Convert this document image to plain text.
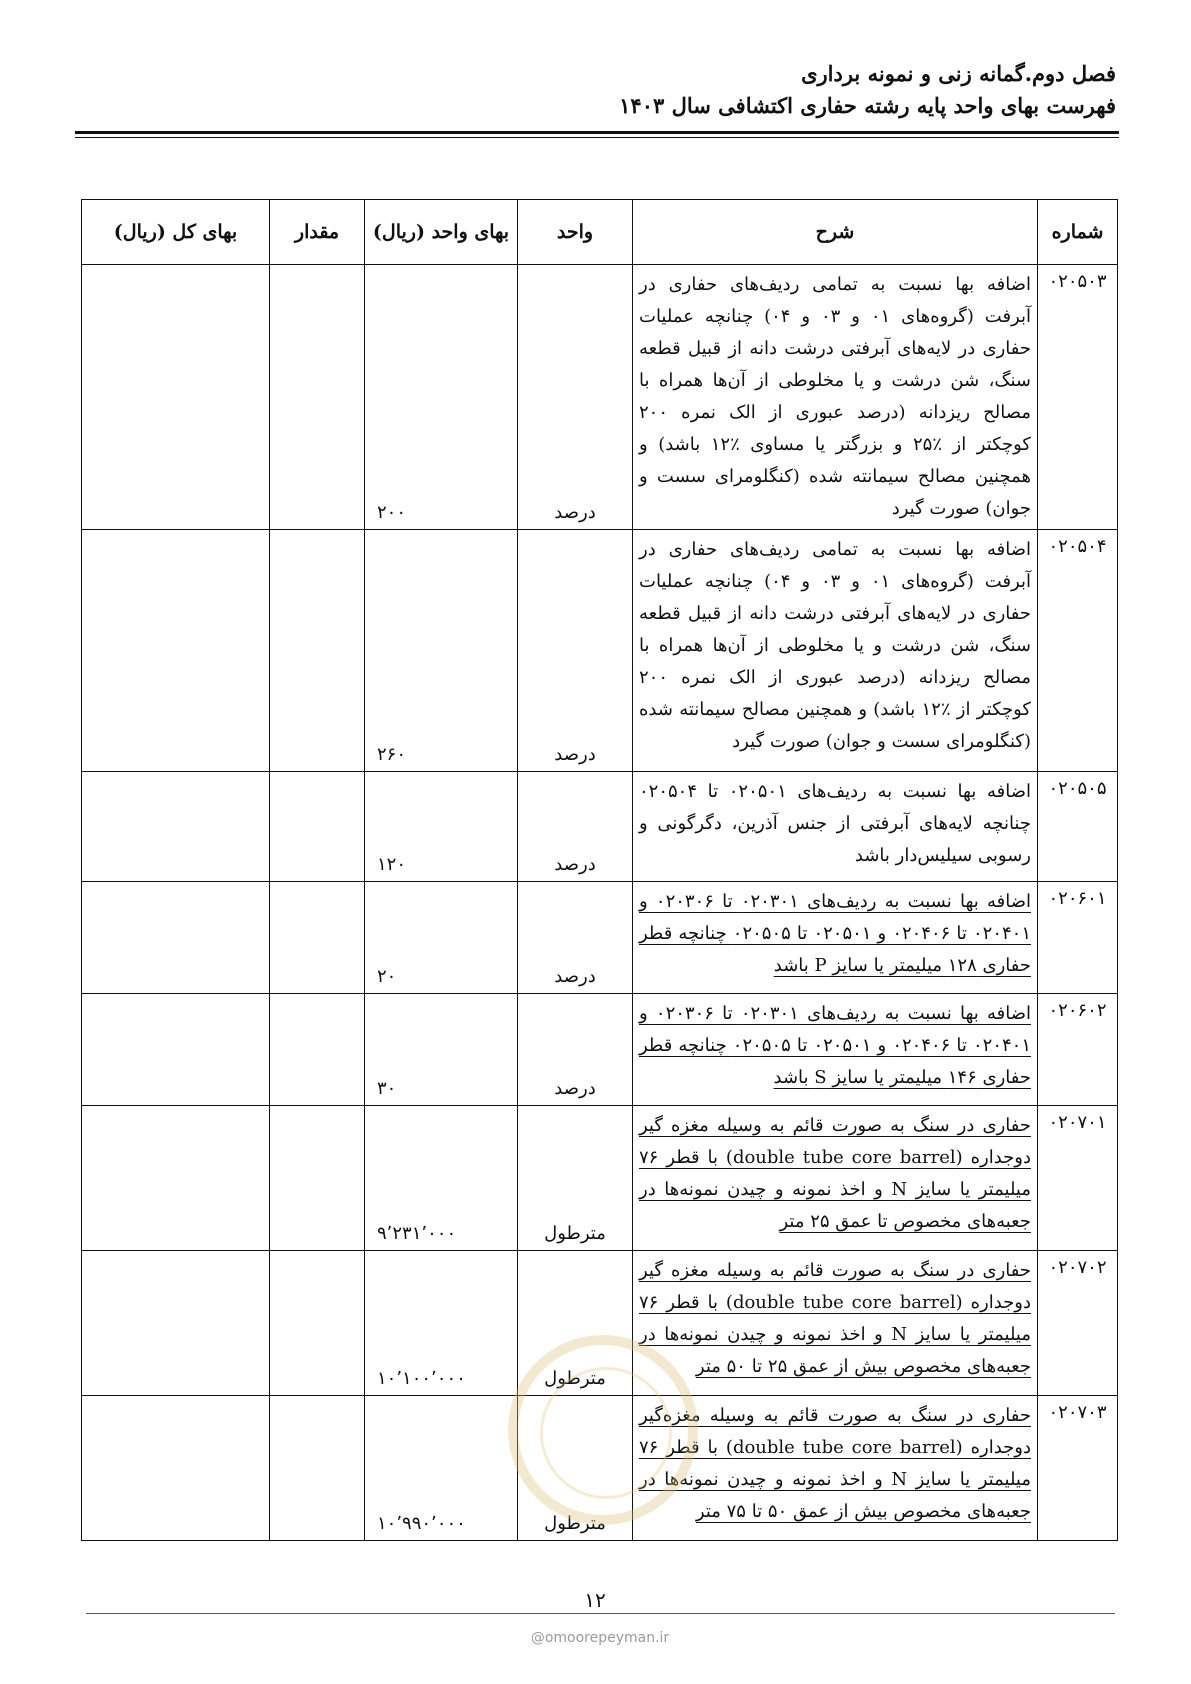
فصل دوم.گمانه زنی و نمونه برداری
فهرست بهای واحد پایه رشته حفاری اکتشافی سال ۱۴۰۳
شماره	شرح	واحد	بهای واحد (ریال)	مقدار	بهای کل (ریال)
۰۲۰۵۰۳	اضافه بها نسبت به تمامی ردیف‌های حفاری در آبرفت (گروه‌های ۰۱ و ۰۳ و ۰۴) چنانچه عملیات حفاری در لایه‌های آبرفتی درشت دانه از قبیل قطعه سنگ، شن درشت و یا مخلوطی از آن‌ها همراه با مصالح ریزدانه (درصد عبوری از الک نمره ۲۰۰ کوچکتر از ٪۲۵ و بزرگتر یا مساوی ٪۱۲ باشد) و همچنین مصالح سیمانته شده (کنگلومرای سست و جوان) صورت گیرد	درصد	۲۰۰		
۰۲۰۵۰۴	اضافه بها نسبت به تمامی ردیف‌های حفاری در آبرفت (گروه‌های ۰۱ و ۰۳ و ۰۴) چنانچه عملیات حفاری در لایه‌های آبرفتی درشت دانه از قبیل قطعه سنگ، شن درشت و یا مخلوطی از آن‌ها همراه با مصالح ریزدانه (درصد عبوری از الک نمره ۲۰۰ کوچکتر از ٪۱۲ باشد) و همچنین مصالح سیمانته شده (کنگلومرای سست و جوان) صورت گیرد	درصد	۲۶۰		
۰۲۰۵۰۵	اضافه بها نسبت به ردیف‌های ۰۲۰۵۰۱ تا ۰۲۰۵۰۴ چنانچه لایه‌های آبرفتی از جنس آذرین، دگرگونی و رسوبی سیلیس‌دار باشد	درصد	۱۲۰		
۰۲۰۶۰۱	اضافه بها نسبت به ردیف‌های ۰۲۰۳۰۱ تا ۰۲۰۳۰۶ و ۰۲۰۴۰۱ تا ۰۲۰۴۰۶ و ۰۲۰۵۰۱ تا ۰۲۰۵۰۵ چنانچه قطر حفاری ۱۲۸ میلیمتر یا سایز P باشد	درصد	۲۰		
۰۲۰۶۰۲	اضافه بها نسبت به ردیف‌های ۰۲۰۳۰۱ تا ۰۲۰۳۰۶ و ۰۲۰۴۰۱ تا ۰۲۰۴۰۶ و ۰۲۰۵۰۱ تا ۰۲۰۵۰۵ چنانچه قطر حفاری ۱۴۶ میلیمتر یا سایز S باشد	درصد	۳۰		
۰۲۰۷۰۱	حفاری در سنگ به صورت قائم به وسیله مغزه گیر دوجداره (double tube core barrel) با قطر ۷۶ میلیمتر یا سایز N و اخذ نمونه و چیدن نمونه‌ها در جعبه‌های مخصوص تا عمق ۲۵ متر	مترطول	۹٬۲۳۱٬۰۰۰		
۰۲۰۷۰۲	حفاری در سنگ به صورت قائم به وسیله مغزه گیر دوجداره (double tube core barrel) با قطر ۷۶ میلیمتر یا سایز N و اخذ نمونه و چیدن نمونه‌ها در جعبه‌های مخصوص بیش از عمق ۲۵ تا ۵۰ متر	مترطول	۱۰٬۱۰۰٬۰۰۰		
۰۲۰۷۰۳	حفاری در سنگ به صورت قائم به وسیله مغزه‌گیر دوجداره (double tube core barrel) با قطر ۷۶ میلیمتر یا سایز N و اخذ نمونه و چیدن نمونه‌ها در جعبه‌های مخصوص بیش از عمق ۵۰ تا ۷۵ متر	مترطول	۱۰٬۹۹۰٬۰۰۰		
۱۲
@omoorepeyman.ir
